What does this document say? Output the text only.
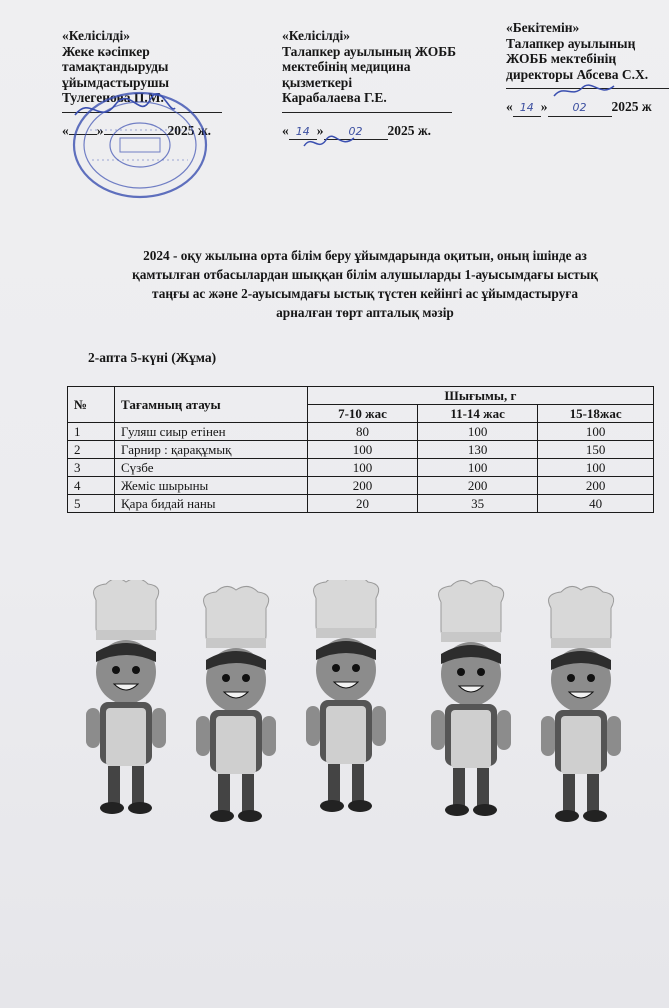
«Келісілді»
Жеке кәсіпкер
тамақтандыруды
ұйымдастырушы
Тулегенова П.М.
« »	2025 ж.
«Келісілді»
Талапкер ауылының ЖОББ
мектебінің медицина
қызметкері
Карабалаева Г.Е.
« 14 » 02 2025 ж.
«Бекітемін»
Талапкер ауылының
ЖОББ мектебінің
директоры Абсева С.Х.
« 14 » 02 2025 ж
2024 - оқу жылына орта білім беру ұйымдарында оқитын, оның ішінде аз
қамтылған отбасылардан шыққан білім алушыларды 1-ауысымдағы ыстық
таңғы ас және 2-ауысымдағы ыстық түстен кейінгі ас ұйымдастыруға
арналған төрт апталық мәзір
2-апта 5-күні (Жұма)
№	Тағамның атауы	Шығымы, г		
		7-10 жас	11-14 жас	15-18жас
1	Гуляш сиыр етінен	80	100	100
2	Гарнир : қарақұмық	100	130	150
3	Сүзбе	100	100	100
4	Жеміс шырыны	200	200	200
5	Қара бидай наны	20	35	40
